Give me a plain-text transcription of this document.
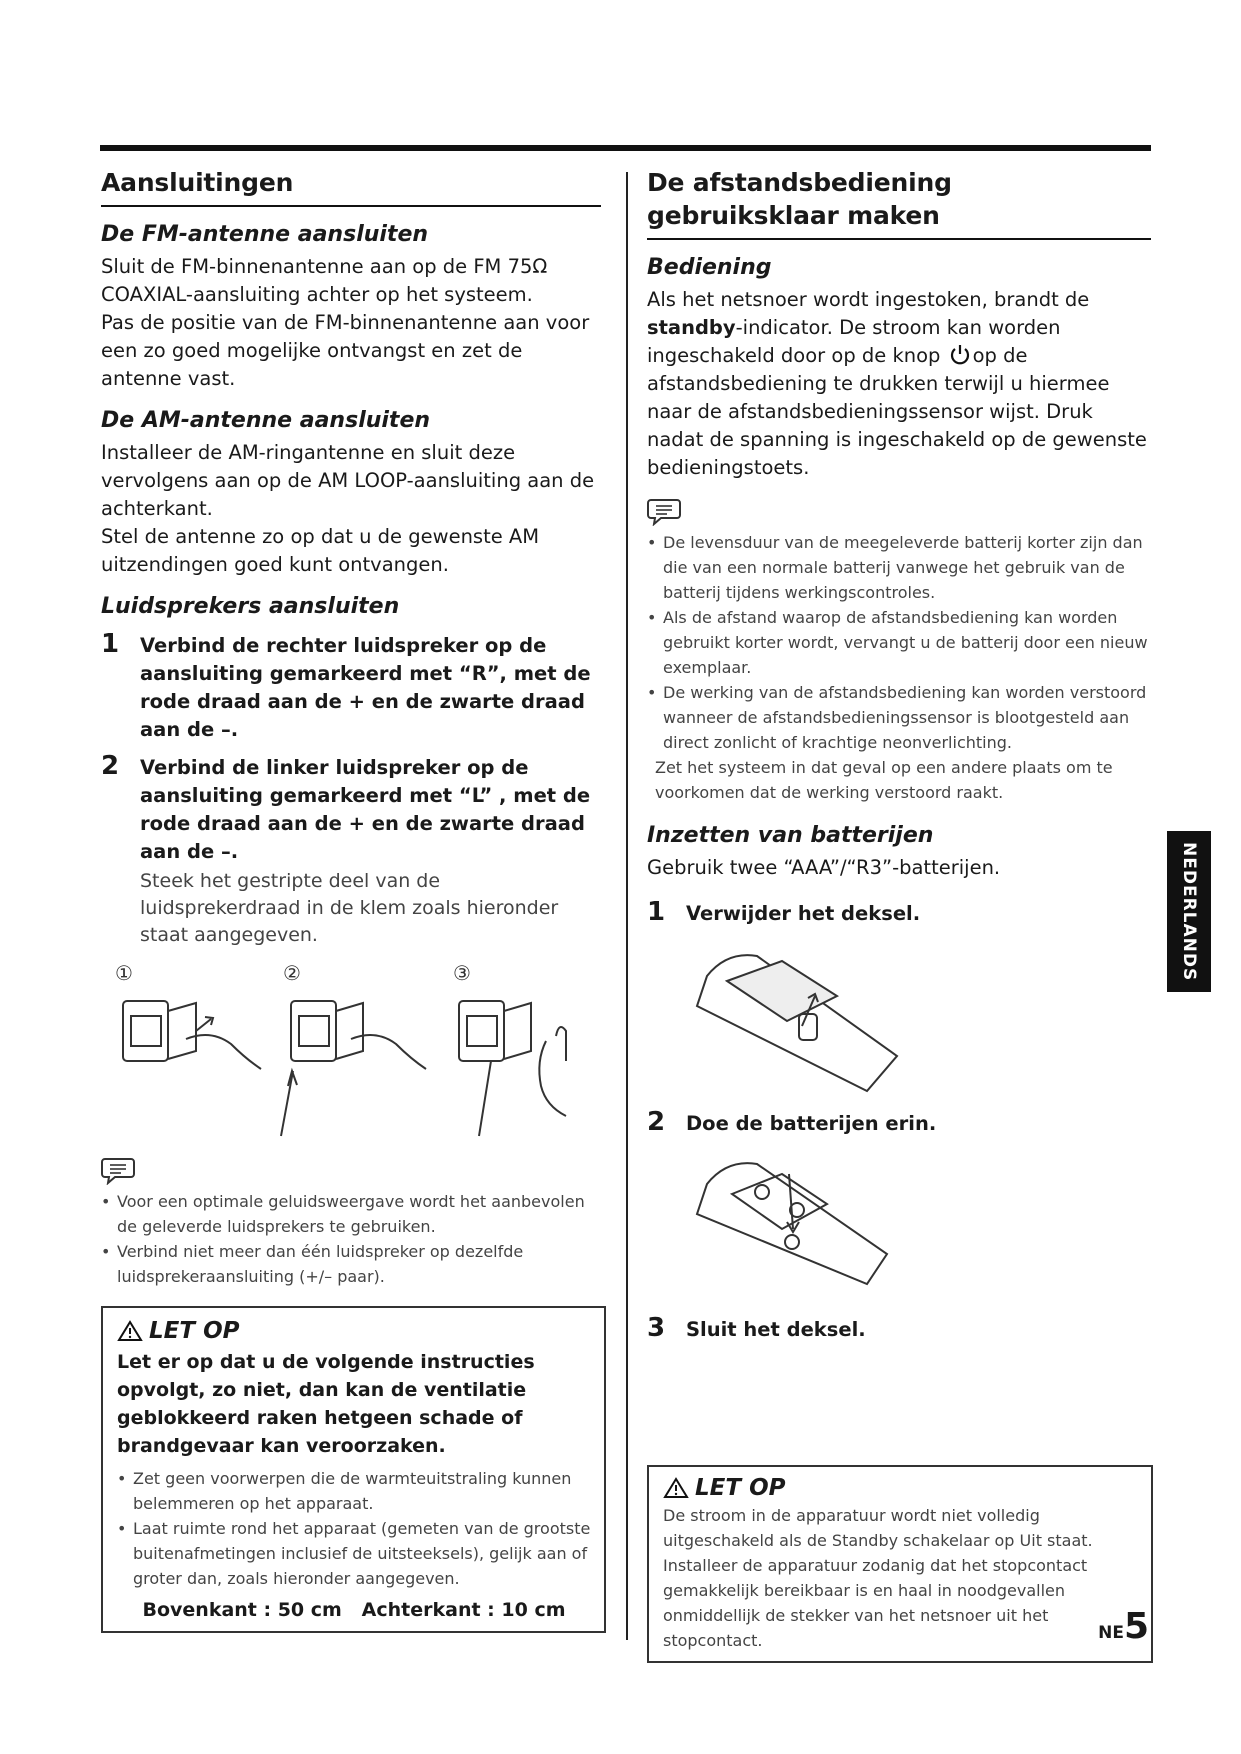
Aansluitingen
De FM-antenne aansluiten

Sluit de FM-binnenantenne aan op de FM 75Ω COAXIAL-aansluiting achter op het systeem.

Pas de positie van de FM-binnenantenne aan voor een zo goed mogelijke ontvangst en zet de antenne vast.

De AM-antenne aansluiten

Installeer de AM-ringantenne en sluit deze vervolgens aan op de AM LOOP-aansluiting aan de achterkant.

Stel de antenne zo op dat u de gewenste AM uitzendingen goed kunt ontvangen.

Luidsprekers aansluiten
1	Verbind de rechter luidspreker op de aansluiting gemarkeerd met “R”, met de rode draad aan de + en de zwarte draad aan de –.
2	Verbind de linker luidspreker op de aansluiting gemarkeerd met “L” , met de rode draad aan de + en de zwarte draad aan de –.
Steek het gestripte deel van de luidsprekerdraad in de klem zoals hieronder staat aangegeven.
①	②	③
• Voor een optimale geluidsweergave wordt het aanbevolen de geleverde luidsprekers te gebruiken.
• Verbind niet meer dan één luidspreker op dezelfde luidsprekeraansluiting (+/– paar).
LET OP
Let er op dat u de volgende instructies opvolgt, zo niet, dan kan de ventilatie geblokkeerd raken hetgeen schade of brandgevaar kan veroorzaken.
• Zet geen voorwerpen die de warmteuitstraling kunnen belemmeren op het apparaat.
• Laat ruimte rond het apparaat (gemeten van de grootste buitenafmetingen inclusief de uitsteeksels), gelijk aan of groter dan, zoals hieronder aangegeven.
Bovenkant : 50 cm   Achterkant : 10 cm
De afstandsbediening gebruiksklaar maken
Bediening

Als het netsnoer wordt ingestoken, brandt de standby-indicator. De stroom kan worden ingeschakeld door op de knop op de afstandsbediening te drukken terwijl u hiermee naar de afstandsbedieningssensor wijst. Druk nadat de spanning is ingeschakeld op de gewenste bedieningstoets.

• De levensduur van de meegeleverde batterij korter zijn dan die van een normale batterij vanwege het gebruik van de batterij tijdens werkingscontroles.
• Als de afstand waarop de afstandsbediening kan worden gebruikt korter wordt, vervangt u de batterij door een nieuw exemplaar.
• De werking van de afstandsbediening kan worden verstoord wanneer de afstandsbedieningssensor is blootgesteld aan direct zonlicht of krachtige neonverlichting.
Zet het systeem in dat geval op een andere plaats om te voorkomen dat de werking verstoord raakt.
Inzetten van batterijen

Gebruik twee “AAA”/“R3”-batterijen.

1	Verwijder het deksel.
2	Doe de batterijen erin.
3	Sluit het deksel.
LET OP
De stroom in de apparatuur wordt niet volledig uitgeschakeld als de Standby schakelaar op Uit staat. Installeer de apparatuur zodanig dat het stopcontact gemakkelijk bereikbaar is en haal in noodgevallen onmiddellijk de stekker van het netsnoer uit het stopcontact.
NEDERLANDS
NE5
